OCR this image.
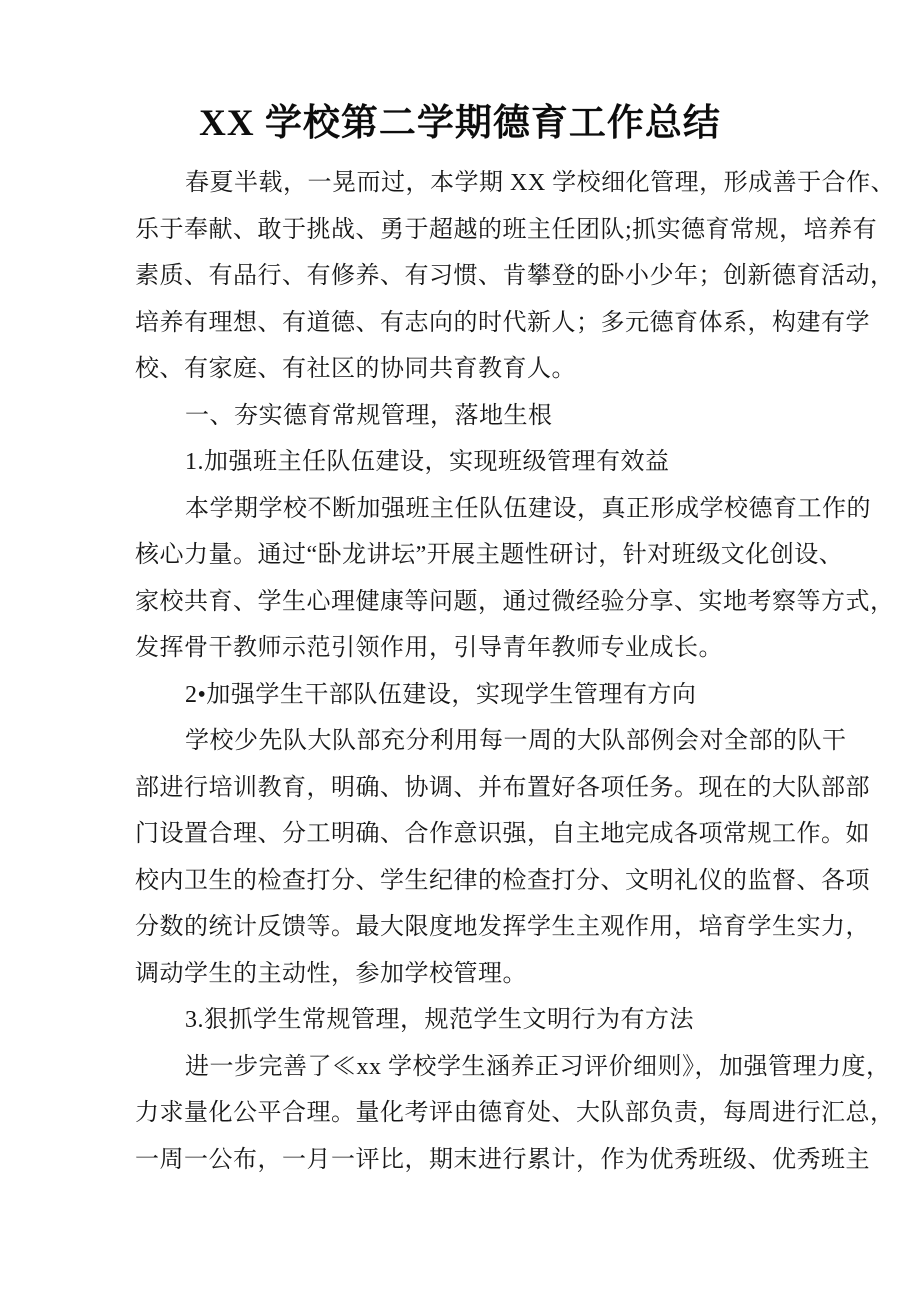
XX 学校第二学期德育工作总结
春夏半载，一晃而过，本学期 XX 学校细化管理，形成善于合作、
乐于奉献、敢于挑战、勇于超越的班主任团队;抓实德育常规，培养有
素质、有品行、有修养、有习惯、肯攀登的卧小少年；创新德育活动，
培养有理想、有道德、有志向的时代新人；多元德育体系，构建有学
校、有家庭、有社区的协同共育教育人。
一、夯实德育常规管理，落地生根
1.加强班主任队伍建设，实现班级管理有效益
本学期学校不断加强班主任队伍建设，真正形成学校德育工作的
核心力量。通过“卧龙讲坛”开展主题性研讨，针对班级文化创设、
家校共育、学生心理健康等问题，通过微经验分享、实地考察等方式，
发挥骨干教师示范引领作用，引导青年教师专业成长。
2•加强学生干部队伍建设，实现学生管理有方向
学校少先队大队部充分利用每一周的大队部例会对全部的队干
部进行培训教育，明确、协调、并布置好各项任务。现在的大队部部
门设置合理、分工明确、合作意识强，自主地完成各项常规工作。如
校内卫生的检查打分、学生纪律的检查打分、文明礼仪的监督、各项
分数的统计反馈等。最大限度地发挥学生主观作用，培育学生实力，
调动学生的主动性，参加学校管理。
3.狠抓学生常规管理，规范学生文明行为有方法
进一步完善了≪xx 学校学生涵养正习评价细则》，加强管理力度，
力求量化公平合理。量化考评由德育处、大队部负责，每周进行汇总，
一周一公布，一月一评比，期末进行累计，作为优秀班级、优秀班主
